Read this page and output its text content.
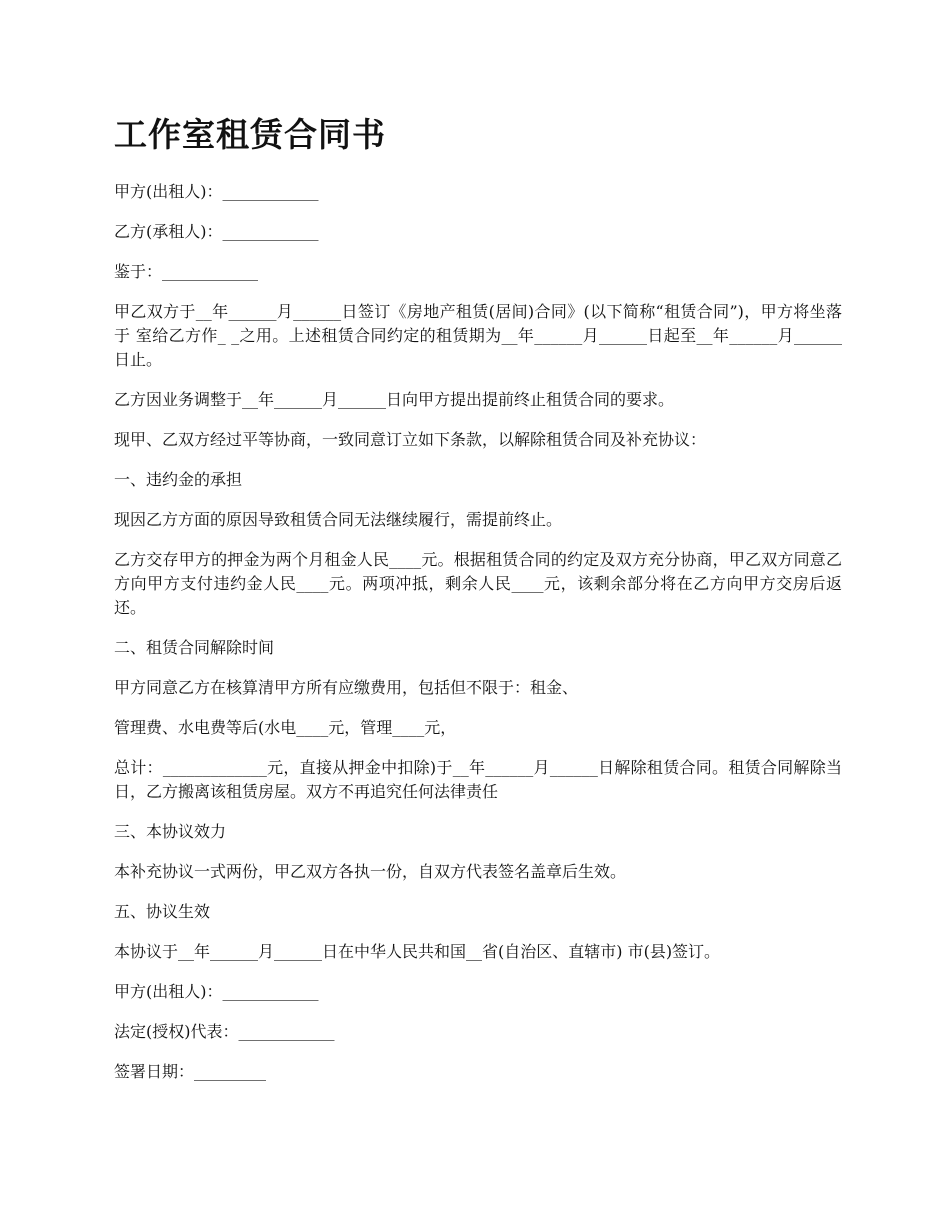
工作室租赁合同书

甲方(出租人)：____________

乙方(承租人)：____________

鉴于：____________

甲乙双方于__年______月______日签订《房地产租赁(居间)合同》(以下简称“租赁合同”)，甲方将坐落于 室给乙方作_ _之用。上述租赁合同约定的租赁期为__年______月______日起至__年______月______日止。

乙方因业务调整于__年______月______日向甲方提出提前终止租赁合同的要求。

现甲、乙双方经过平等协商，一致同意订立如下条款，以解除租赁合同及补充协议：

一、违约金的承担

现因乙方方面的原因导致租赁合同无法继续履行，需提前终止。

乙方交存甲方的押金为两个月租金人民____元。根据租赁合同的约定及双方充分协商，甲乙双方同意乙方向甲方支付违约金人民____元。两项冲抵，剩余人民____元，该剩余部分将在乙方向甲方交房后返还。

二、租赁合同解除时间

甲方同意乙方在核算清甲方所有应缴费用，包括但不限于：租金、

管理费、水电费等后(水电____元，管理____元，

总计：_____________元，直接从押金中扣除)于__年______月______日解除租赁合同。租赁合同解除当日，乙方搬离该租赁房屋。双方不再追究任何法律责任

三、本协议效力

本补充协议一式两份，甲乙双方各执一份，自双方代表签名盖章后生效。

五、协议生效

本协议于__年______月______日在中华人民共和国__省(自治区、直辖市) 市(县)签订。

甲方(出租人)：____________

法定(授权)代表：____________

签署日期：_________
